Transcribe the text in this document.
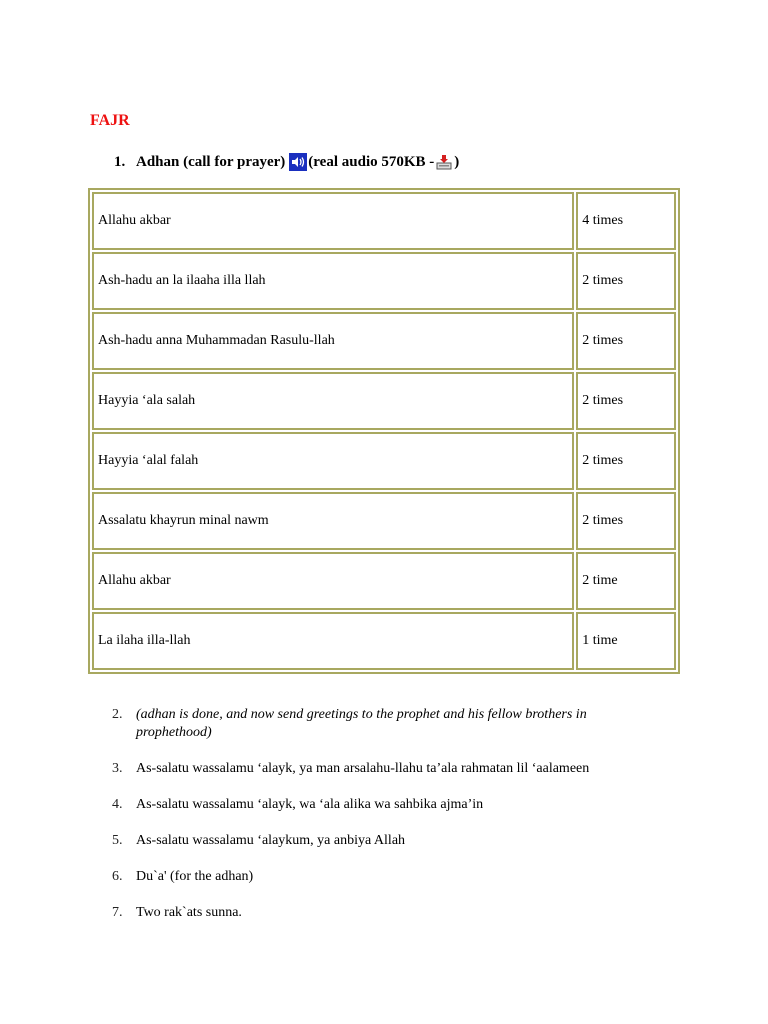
FAJR
1. Adhan (call for prayer) (real audio 570KB - )
Allahu akbar	4 times
Ash-hadu an la ilaaha illa llah	2 times
Ash-hadu anna Muhammadan Rasulu-llah	2 times
Hayyia ‘ala salah	2 times
Hayyia ‘alal falah	2 times
Assalatu khayrun minal nawm	2 times
Allahu akbar	2 time
La ilaha illa-llah	1 time
2. (adhan is done, and now send greetings to the prophet and his fellow brothers in prophethood)
3. As-salatu wassalamu ‘alayk, ya man arsalahu-llahu ta’ala rahmatan lil ‘aalameen
4. As-salatu wassalamu ‘alayk, wa ‘ala alika wa sahbika ajma’in
5. As-salatu wassalamu ‘alaykum, ya anbiya Allah
6. Du`a' (for the adhan)
7. Two rak`ats sunna.
